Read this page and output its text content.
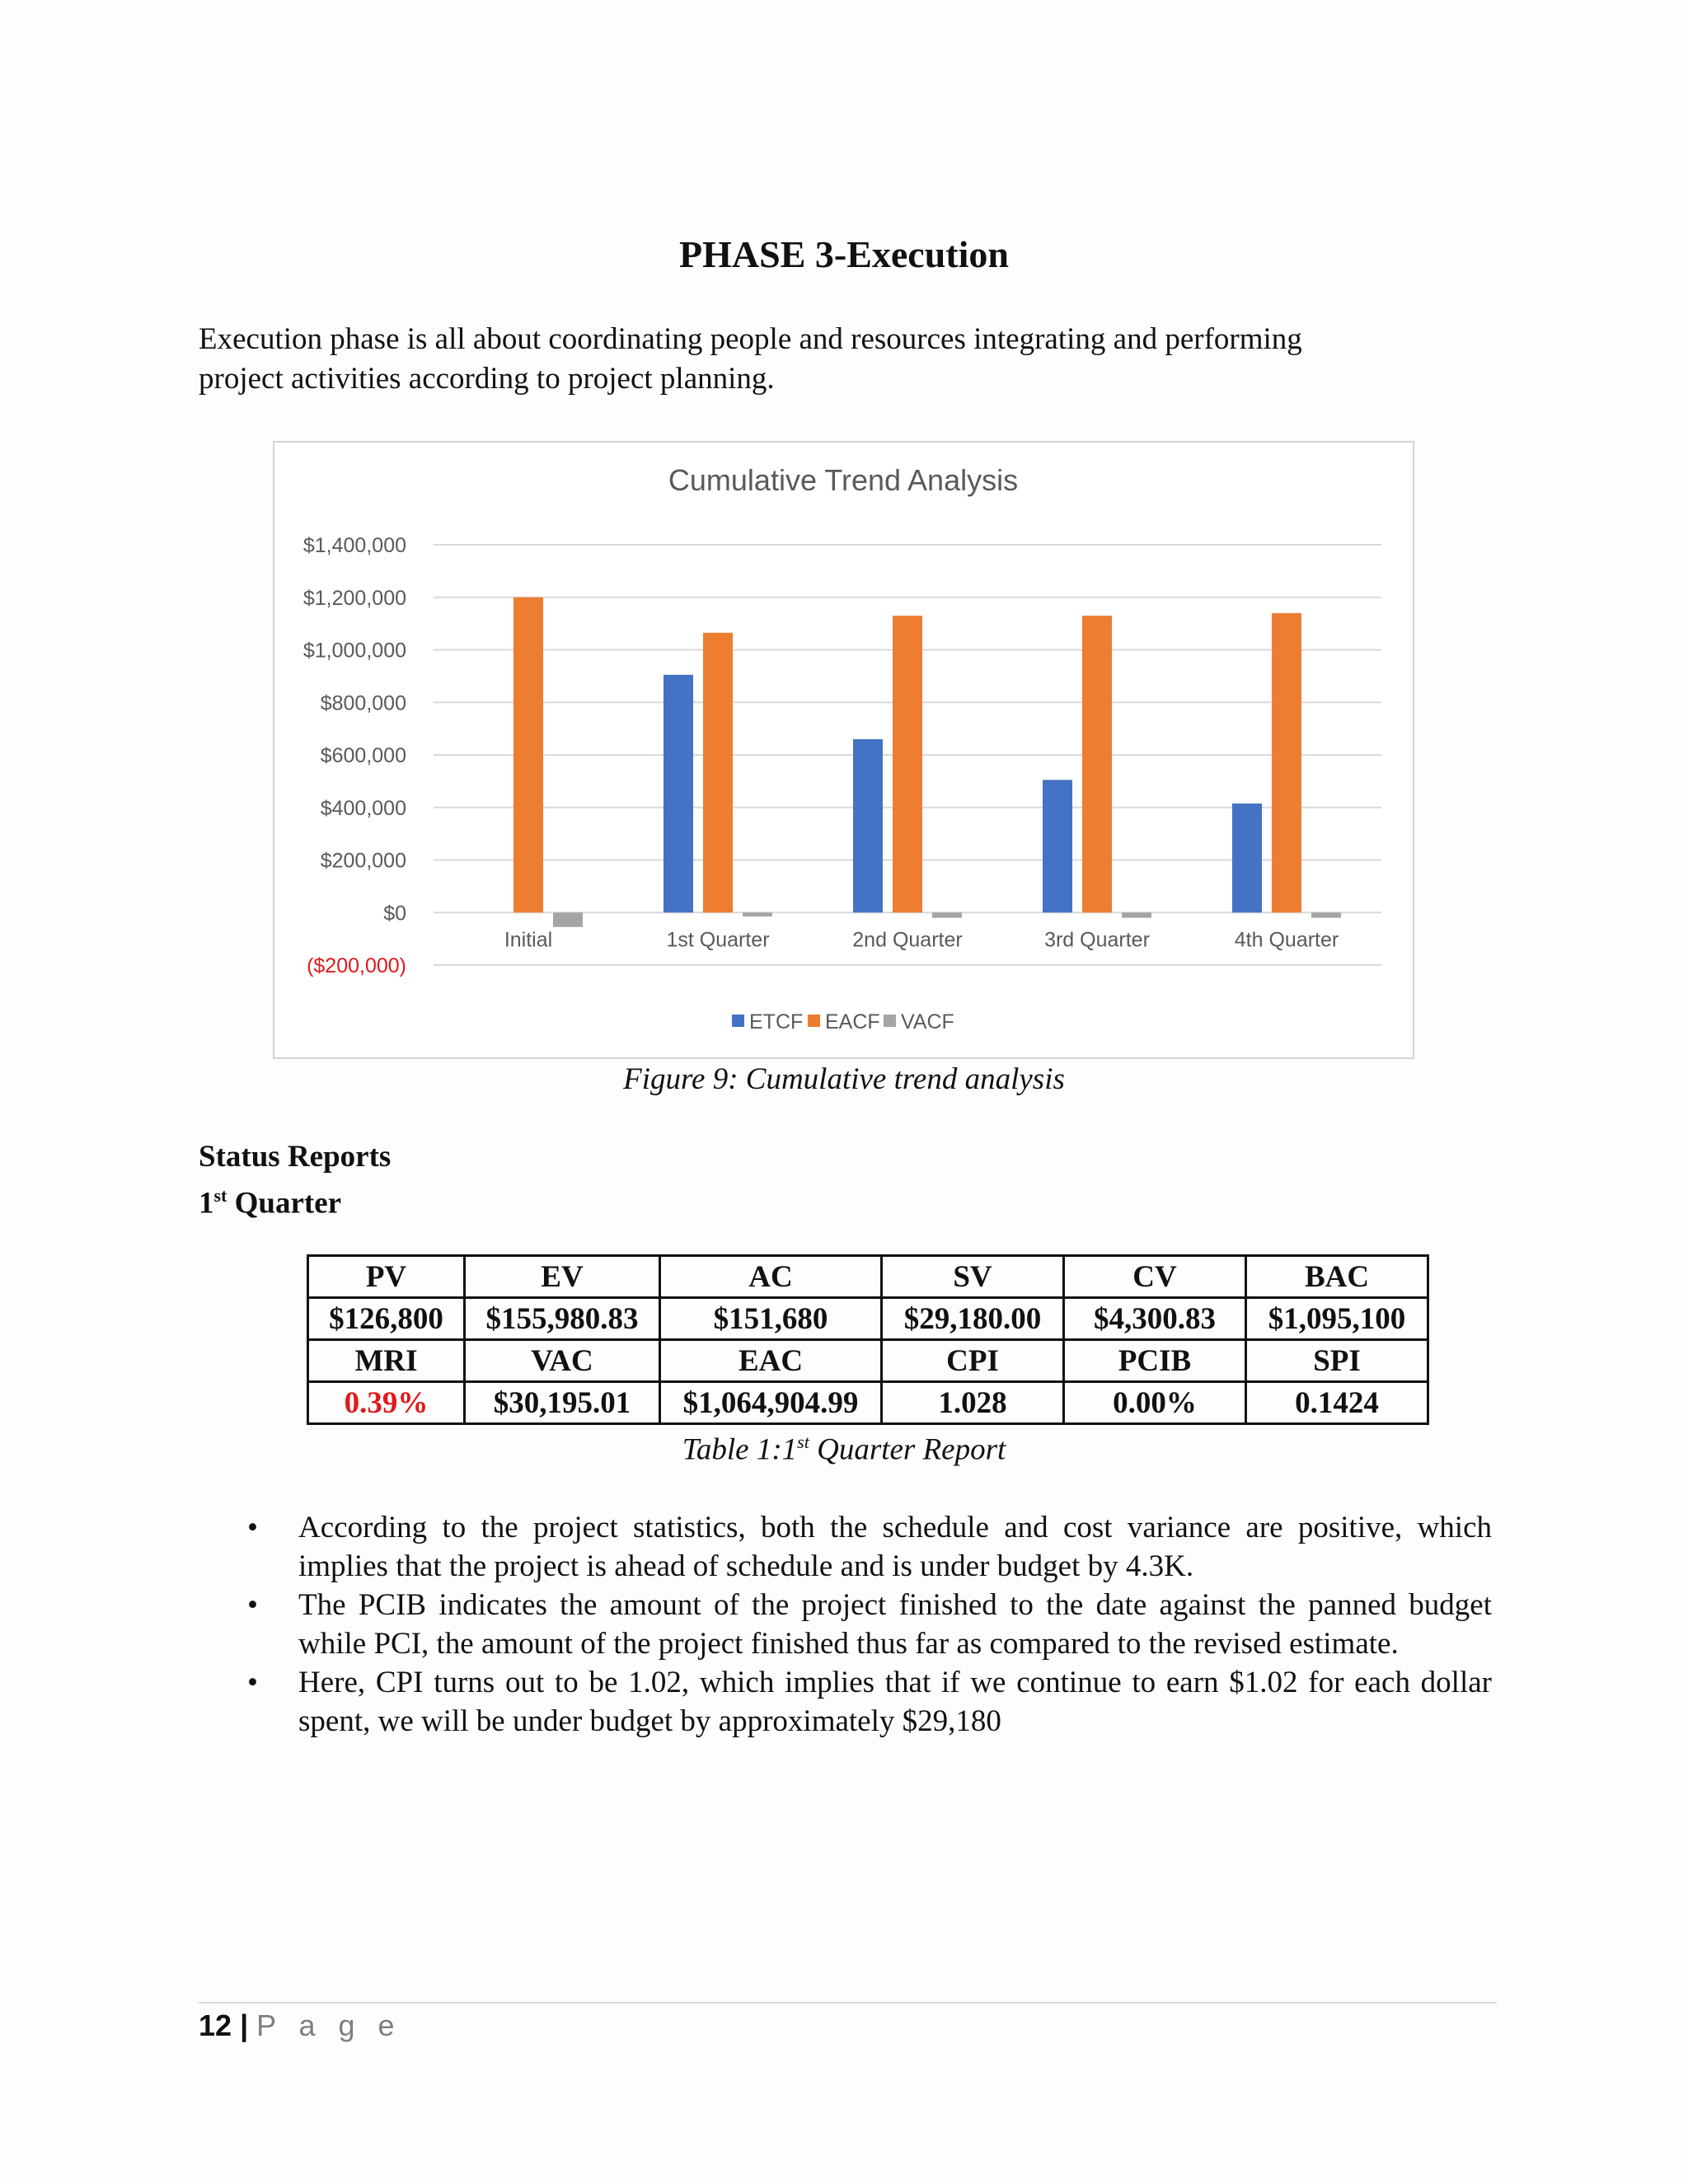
PHASE 3-Execution
Execution phase is all about coordinating people and resources integrating and performing project activities according to project planning.
Cumulative Trend Analysis
$1,400,000
$1,200,000
$1,000,000
$800,000
$600,000
$400,000
$200,000
$0
($200,000)
Initial	1st Quarter	2nd Quarter	3rd Quarter	4th Quarter
ETCF EACF VACF
Figure 9: Cumulative trend analysis
Status Reports
1st Quarter
PV	EV	AC	SV	CV	BAC
$126,800	$155,980.83	$151,680	$29,180.00	$4,300.83	$1,095,100
MRI	VAC	EAC	CPI	PCIB	SPI
0.39%	$30,195.01	$1,064,904.99	1.028	0.00%	0.1424
Table 1:1st Quarter Report
• According to the project statistics, both the schedule and cost variance are positive, which implies that the project is ahead of schedule and is under budget by 4.3K.
• The PCIB indicates the amount of the project finished to the date against the panned budget while PCI, the amount of the project finished thus far as compared to the revised estimate.
• Here, CPI turns out to be 1.02, which implies that if we continue to earn $1.02 for each dollar spent, we will be under budget by approximately $29,180
12 | P a g e
